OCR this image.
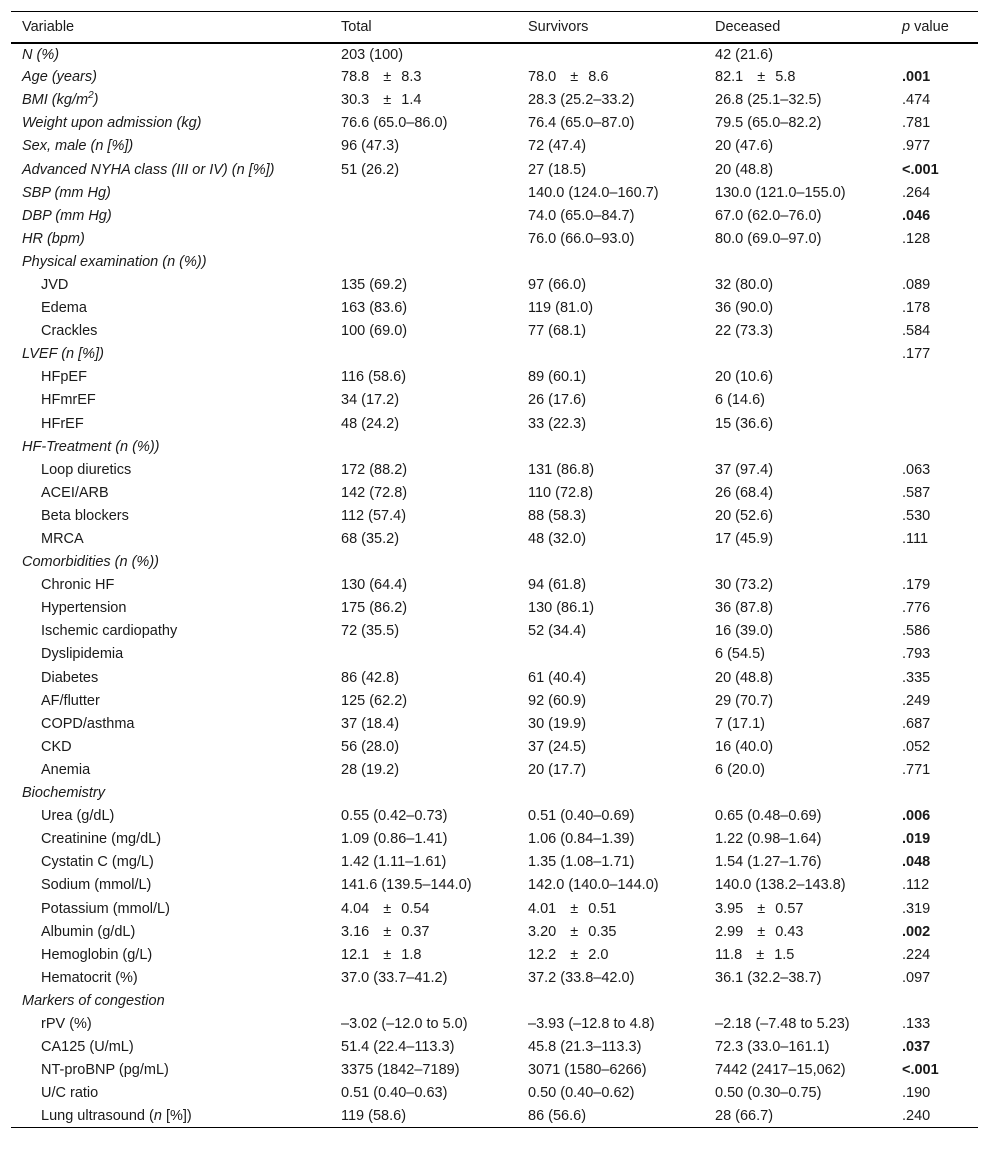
Variable	Total	Survivors	Deceased	p value
N (%)	203 (100)		42 (21.6)	
Age (years)	78.8 ±8.3	78.0 ±8.6	82.1 ±5.8	.001
BMI $(kg/m^2)$	30.3 ±1.4	28.3 (25.2–33.2)	26.8 (25.1–32.5)	.474
Weight upon admission (kg)	76.6 (65.0–86.0)	76.4 (65.0–87.0)	79.5 (65.0–82.2)	.781
Sex, male (n [%])	96 (47.3)	72 (47.4)	20 (47.6)	.977
Advanced NYHA class (III or IV) (n [%])	51 (26.2)	27 (18.5)	20 (48.8)	<.001
SBP (mm Hg)		140.0 (124.0–160.7)	130.0 (121.0–155.0)	.264
DBP (mm Hg)		74.0 (65.0–84.7)	67.0 (62.0–76.0)	.046
HR (bpm)		76.0 (66.0–93.0)	80.0 (69.0–97.0)	.128
Physical examination (n (%))				
JVD	135 (69.2)	97 (66.0)	32 (80.0)	.089
Edema	163 (83.6)	119 (81.0)	36 (90.0)	.178
Crackles	100 (69.0)	77 (68.1)	22 (73.3)	.584
LVEF (n [%])				.177
HFpEF	116 (58.6)	89 (60.1)	20 (10.6)	
HFmrEF	34 (17.2)	26 (17.6)	6 (14.6)	
HFrEF	48 (24.2)	33 (22.3)	15 (36.6)	
HF-Treatment (n (%))				
Loop diuretics	172 (88.2)	131 (86.8)	37 (97.4)	.063
ACEI/ARB	142 (72.8)	110 (72.8)	26 (68.4)	.587
Beta blockers	112 (57.4)	88 (58.3)	20 (52.6)	.530
MRCA	68 (35.2)	48 (32.0)	17 (45.9)	.111
Comorbidities (n (%))				
Chronic HF	130 (64.4)	94 (61.8)	30 (73.2)	.179
Hypertension	175 (86.2)	130 (86.1)	36 (87.8)	.776
Ischemic cardiopathy	72 (35.5)	52 (34.4)	16 (39.0)	.586
Dyslipidemia			6 (54.5)	.793
Diabetes	86 (42.8)	61 (40.4)	20 (48.8)	.335
AF/flutter	125 (62.2)	92 (60.9)	29 (70.7)	.249
COPD/asthma	37 (18.4)	30 (19.9)	7 (17.1)	.687
CKD	56 (28.0)	37 (24.5)	16 (40.0)	.052
Anemia	28 (19.2)	20 (17.7)	6 (20.0)	.771
Biochemistry				
Urea (g/dL)	0.55 (0.42–0.73)	0.51 (0.40–0.69)	0.65 (0.48–0.69)	.006
Creatinine (mg/dL)	1.09 (0.86–1.41)	1.06 (0.84–1.39)	1.22 (0.98–1.64)	.019
Cystatin C (mg/L)	1.42 (1.11–1.61)	1.35 (1.08–1.71)	1.54 (1.27–1.76)	.048
Sodium (mmol/L)	141.6 (139.5–144.0)	142.0 (140.0–144.0)	140.0 (138.2–143.8)	.112
Potassium (mmol/L)	4.04 ±0.54	4.01 ±0.51	3.95 ±0.57	.319
Albumin (g/dL)	3.16 ±0.37	3.20 ±0.35	2.99 ±0.43	.002
Hemoglobin (g/L)	12.1 ±1.8	12.2 ±2.0	11.8 ±1.5	.224
Hematocrit (%)	37.0 (33.7–41.2)	37.2 (33.8–42.0)	36.1 (32.2–38.7)	.097
Markers of congestion				
rPV (%)	–3.02 (–12.0 to 5.0)	–3.93 (–12.8 to 4.8)	–2.18 (–7.48 to 5.23)	.133
CA125 (U/mL)	51.4 (22.4–113.3)	45.8 (21.3–113.3)	72.3 (33.0–161.1)	.037
NT-proBNP (pg/mL)	3375 (1842–7189)	3071 (1580–6266)	7442 (2417–15,062)	<.001
U/C ratio	0.51 (0.40–0.63)	0.50 (0.40–0.62)	0.50 (0.30–0.75)	.190
Lung ultrasound (n [%])	119 (58.6)	86 (56.6)	28 (66.7)	.240
